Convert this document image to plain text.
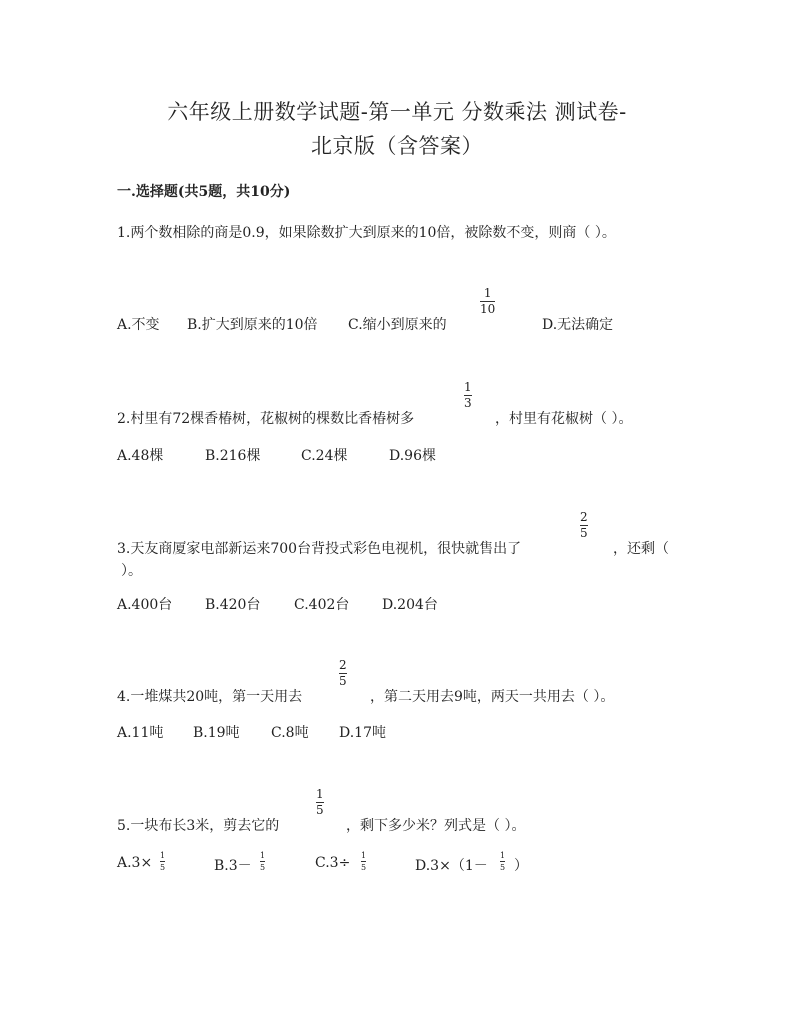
六年级上册数学试题-第一单元 分数乘法 测试卷-
北京版（含答案）
一.选择题(共5题，共10分)
1.两个数相除的商是0.9，如果除数扩大到原来的10倍，被除数不变，则商（ ）。
A.不变 B.扩大到原来的10倍 C.缩小到原来的
1
10
D.无法确定
2.村里有72棵香椿树，花椒树的棵数比香椿树多
1
3
，村里有花椒树（ ）。
A.48棵	B.216棵	C.24棵	D.96棵
3.天友商厦家电部新运来700台背投式彩色电视机，很快就售出了
2
5
，还剩（
）。
A.400台 B.420台 C.402台 D.204台
4.一堆煤共20吨，第一天用去
2
5
，第二天用去9吨，两天一共用去（ ）。
A.11吨 B.19吨 C.8吨 D.17吨
5.一块布长3米，剪去它的
1
5
，剩下多少米？列式是（ ）。
A.3× 1
5	B.3－
1
5	C.3÷ 1
5	D.3×（1－
1
5 ）
